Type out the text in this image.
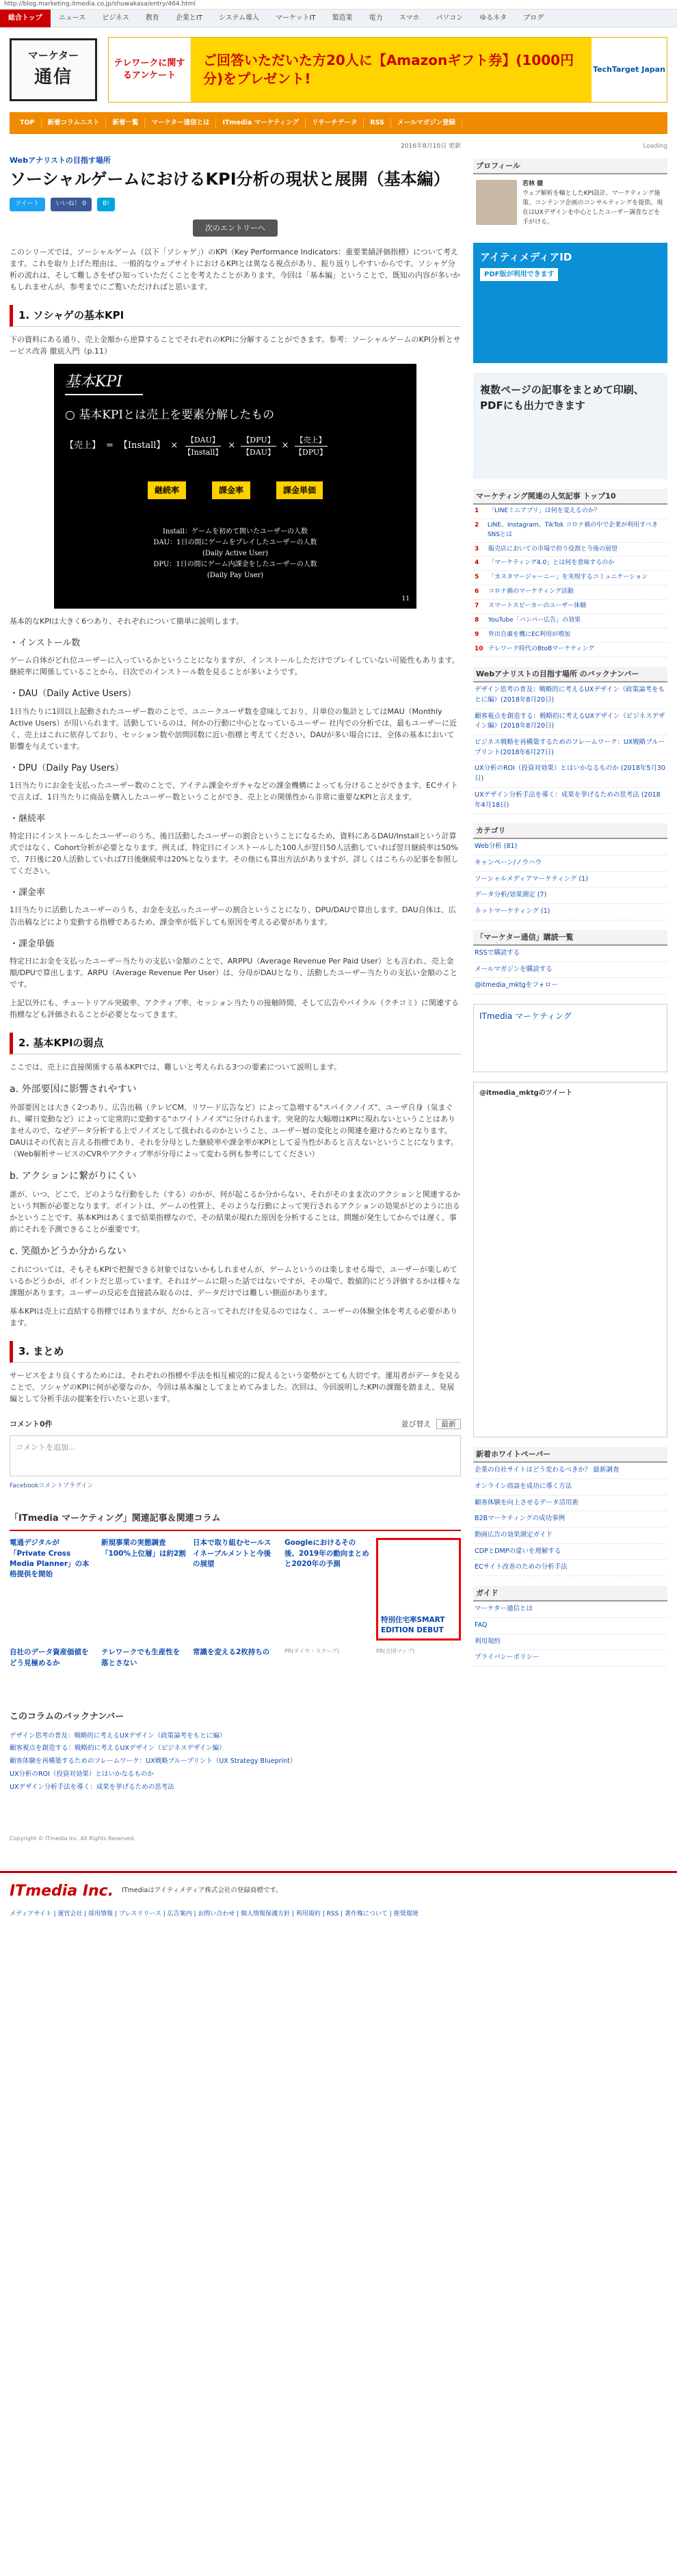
http://blog.marketing.itmedia.co.jp/shuwakasa/entry/464.html
総合トップ	ニュース	ビジネス	教育	企業とIT	システム導入	マーケットIT	製造業	電力	スマホ	パソコン	ゆるネタ	ブログ
マーケター
通信
テレワークに関するアンケート
ご回答いただいた方20人に【Amazonギフト券】(1000円分)をプレゼント!
TechTarget Japan
TOP	新着コラムニスト	新着一覧	マーケター通信とは	ITmedia マーケティング	リサーチデータ	RSS	メールマガジン登録
2016年8月10日 更新
Webアナリストの目指す場所
ソーシャルゲームにおけるKPI分析の現状と展開（基本編）
ツイート	いいね！ 0	B!
次のエントリーへ

このシリーズでは、ソーシャルゲーム（以下「ソシャゲ」）のKPI（Key Performance Indicators：重要業績評価指標）について考えます。これを取り上げた理由は、一般的なウェブサイトにおけるKPIとは異なる視点があり、振り返りしやすいからです。ソシャゲ分析の流れは、そして難しさをぜひ知っていただくことを考えたことがあります。今回は「基本編」ということで、既知の内容が多いかもしれませんが、参考までにご覧いただければと思います。

1. ソシャゲの基本KPI

下の資料にある通り、売上金額から逆算することでそれぞれのKPIに分解することができます。参考：ソーシャルゲームのKPI分析とサービス改善 徹底入門（p.11）

基本KPI
○ 基本KPIとは売上を要素分解したもの
【売上】 = 【Install】 × $\frac{\text{【DAU】}}{\text{【Install】}} \times \frac{\text{【DPU】}}{\text{【DAU】}} \times \frac{\text{【売上】}}{\text{【DPU】}}$
継続率	課金率	課金単価
Install：ゲームを初めて開いたユーザーの人数
DAU：1日の間にゲームをプレイしたユーザーの人数
(Daily Active User)
DPU：1日の間にゲーム内課金をしたユーザーの人数
(Daily Pay User)
11

基本的なKPIは大きく6つあり、それぞれについて簡単に説明します。

・インストール数

ゲーム自体がどれ位ユーザーに入っているかということになりますが、インストールしただけでプレイしていない可能性もあります。継続率に関係していることから、日次でのインストール数を見ることが多いようです。

・DAU（Daily Active Users）

1日当たりに1回以上起動されたユーザー数のことで、ユニークユーザ数を意味しており、月単位の集計としてはMAU（Monthly Active Users）が用いられます。活動しているのは、何かの行動に中心となっているユーザー 社内での分析では、最もユーザーに近く、売上はこれに依存しており、セッション数や訪問回数に近い指標と考えてください。DAUが多い場合には、全体の基本において影響を与えています。

・DPU（Daily Pay Users）

1日当たりにお金を支払ったユーザー数のことで、アイテム課金やガチャなどの課金機構によっても分けることができます。ECサイトで言えば、1日当たりに商品を購入したユーザー数ということができ、売上との関係性から非常に重要なKPIと言えます。

・継続率

特定日にインストールしたユーザーのうち、後日活動したユーザーの割合ということになるため、資料にあるDAU/Installという計算式ではなく、Cohort分析が必要となります。例えば、特定日にインストールした100人が翌日50人活動していれば翌日継続率は50%で、7日後に20人活動していれば7日後継続率は20%となります。その他にも算出方法がありますが、詳しくはこちらの記事を参照してください。

・課金率

1日当たりに活動したユーザーのうち、お金を支払ったユーザーの割合ということになり、DPU/DAUで算出します。DAU自体は、広告出稿などにより変動する指標であるため、課金率が低下しても原因を考える必要があります。

・課金単価

特定日にお金を支払ったユーザー当たりの支払い金額のことで、ARPPU（Average Revenue Per Paid User）とも言われ、売上金額/DPUで算出します。ARPU（Average Revenue Per User）は、分母がDAUとなり、活動したユーザー当たりの支払い金額のことです。

上記以外にも、チュートリアル突破率、アクティブ率、セッション当たりの接触時間、そして広告やバイラル（クチコミ）に関連する指標なども評価されることが必要となってきます。

2. 基本KPIの弱点

ここでは、売上に直接関係する基本KPIでは、難しいと考えられる3つの要素について説明します。

a. 外部要因に影響されやすい

外部要因とは大きく2つあり、広告出稿（テレビCM、リワード広告など）によって急増する"スパイクノイズ"、ユーザ自身（気まぐれ、曜日変動など）によって定常的に変動する"ホワイトノイズ"に分けられます。突発的な大幅増はKPIに現れないということはありませんので、なぜデータ分析する上でノイズとして扱われるのかということ、ユーザー層の変化との関連を避けるためとなります。DAUはその代表と言える指標であり、それを分母とした継続率や課金率がKPIとして妥当性があると言えないということになります。（Web解析サービスのCVRやアクティブ率が分母によって変わる例も参考にしてください）

b. アクションに繋がりにくい

誰が、いつ、どこで、どのような行動をした（する）のかが、何が起こるか分からない、それがそのまま次のアクションと関連するかという判断が必要となります。ポイントは、ゲームの性質上、そのような行動によって実行されるアクションの効果がどのように出るかということです。基本KPIはあくまで結果指標なので、その結果が現れた原因を分析することは、問題が発生してからでは遅く、事前にそれを予測できることが重要です。

c. 笑顔かどうか分からない

これについては、そもそもKPIで把握できる対象ではないかもしれませんが、ゲームというのは楽しませる場で、ユーザーが楽しめているかどうかが、ポイントだと思っています。それはゲームに限った話ではないですが、その場で、数値的にどう評価するかは様々な課題があります。ユーザーの反応を直接読み取るのは、データだけでは難しい側面があります。

基本KPIは売上に直結する指標ではありますが、だからと言ってそれだけを見るのではなく、ユーザーの体験全体を考える必要があります。

3. まとめ

サービスをより良くするためには、それぞれの指標や手法を相互補完的に捉えるという姿勢がとても大切です。運用者がデータを見ることで、ソシャゲのKPIに何が必要なのか、今回は基本編としてまとめてみました。次回は、今回説明したKPIの課題を踏まえ、発展編として分析手法の提案を行いたいと思います。

コメント0件	並び替え 最新
コメントを追加...
Facebookコメントプラグイン
「ITmedia マーケティング」関連記事＆関連コラム
電通デジタルが「Private Cross Media Planner」の本格提供を開始
新規事業の実態調査「100%上位層」は約2割
日本で取り組むセールスイネーブルメントと今後の展望
Googleにおけるその後、2019年の動向まとめと2020年の予測
特別住宅率SMART EDITION DEBUT
自社のデータ資産価値をどう見極めるか
テレワークでも生産性を落とさない
常識を変える2枚持ちの	PR(ダイヤ・スクープ)	PR(全国マップ)
このコラムのバックナンバー
デザイン思考の普及：戦略的に考えるUXデザイン（政策論考をもとに編）
顧客視点を創造する：戦略的に考えるUXデザイン（ビジネスデザイン編）
顧客体験を再構築するためのフレームワーク：UX戦略ブループリント（UX Strategy Blueprint）
UX分析のROI（投資対効果）とはいかなるものか
UXデザイン分析手法を導く：成果を挙げるための思考法
Copyright © ITmedia Inc. All Rights Reserved.
Loading
プロフィール
若林 健
ウェブ解析を軸としたKPI設計、マーケティング施策、コンテンツ企画のコンサルティングを提供。現在はUXデザインを中心としたユーザー調査などを手がける。
アイティメディアID
PDF版が利用できます
複数ページの記事をまとめて印刷、PDFにも出力できます
マーケティング関連の人気記事 トップ10
1	「LINEミニアプリ」は何を変えるのか？
2	LINE、Instagram、TikTok コロナ禍の中で企業が利用すべきSNSとは
3	販売店においての市場で担う役割と今後の展望
4	「マーケティング4.0」とは何を意味するのか
5	「カスタマージャーニー」を実現するコミュニケーション
6	コロナ禍のマーケティング活動
7	スマートスピーカーのユーザー体験
8	YouTube「バンパー広告」の効果
9	外出自粛を機にEC利用が増加
10 テレワーク時代のBtoBマーケティング
Webアナリストの目指す場所 のバックナンバー
デザイン思考の普及：戦略的に考えるUXデザイン（政策論考をもとに編）(2018年8月20日)
顧客視点を創造する：戦略的に考えるUXデザイン（ビジネスデザイン編）(2018年8月20日)
ビジネス戦略を再構築するためのフレームワーク：UX戦略ブループリント(2018年6月27日)
UX分析のROI（投資対効果）とはいかなるものか (2018年5月30日)
UXデザイン分析手法を導く：成果を挙げるための思考法 (2018年4月18日)
カテゴリ
Web分析 (81)
キャンペーン/ノウハウ
ソーシャルメディアマーケティング (1)
データ分析/効果測定 (7)
ネットマーケティング (1)
「マーケター通信」購読一覧
RSSで購読する
メールマガジンを購読する
@itmedia_mktgをフォロー
ITmedia マーケティング
@itmedia_mktgのツイート
新着ホワイトペーパー
企業の自社サイトはどう変わるべきか？ 最新調査
オンライン商談を成功に導く方法
顧客体験を向上させるデータ活用術
B2Bマーケティングの成功事例
動画広告の効果測定ガイド
CDPとDMPの違いを理解する
ECサイト改善のための分析手法
ガイド
マーケター通信とは
FAQ
利用規約
プライバシーポリシー
ITmedia Inc. ITmediaはアイティメディア株式会社の登録商標です。
メディアサイト | 運営会社 | 採用情報 | プレスリリース | 広告案内 | お問い合わせ | 個人情報保護方針 | 利用規約 | RSS | 著作権について | 推奨環境
